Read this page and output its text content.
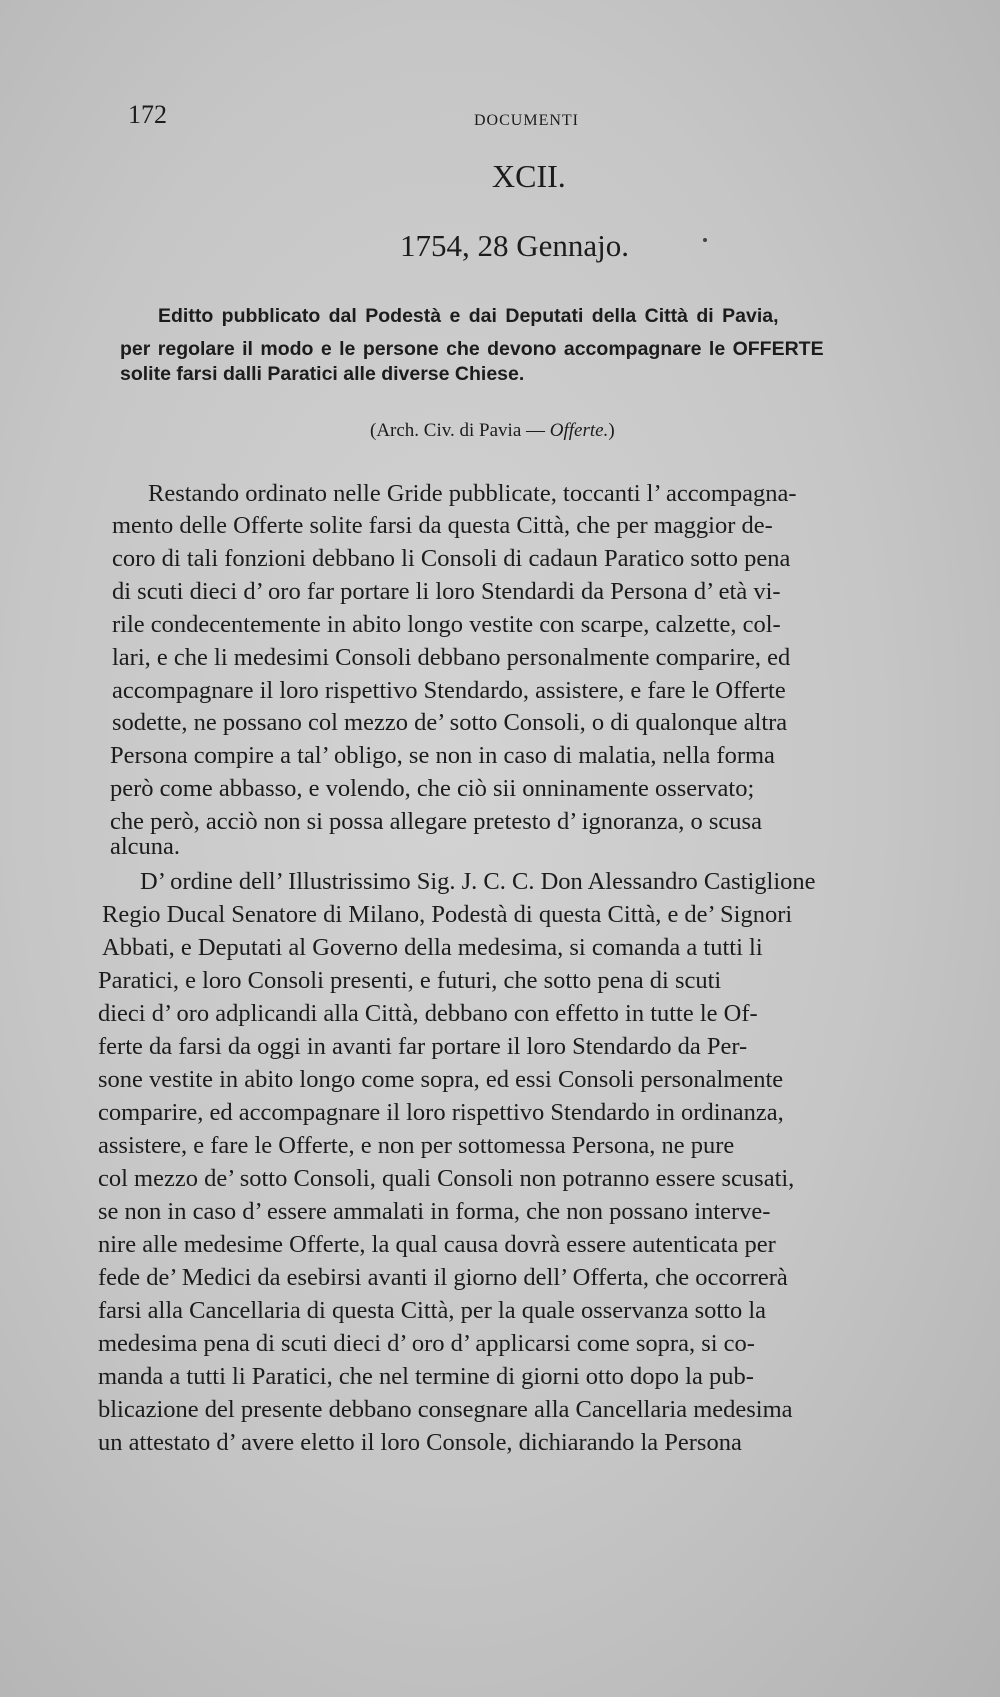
172	DOCUMENTI
XCII.
1754, 28 Gennajo.
Editto pubblicato dal Podestà e dai Deputati della Città di Pavia,
per regolare il modo e le persone che devono accompagnare le OFFERTE
solite farsi dalli Paratici alle diverse Chiese.
(Arch. Civ. di Pavia — Offerte.)
Restando ordinato nelle Gride pubblicate, toccanti l’ accompagna-
mento delle Offerte solite farsi da questa Città, che per maggior de-
coro di tali fonzioni debbano li Consoli di cadaun Paratico sotto pena
di scuti dieci d’ oro far portare li loro Stendardi da Persona d’ età vi-
rile condecentemente in abito longo vestite con scarpe, calzette, col-
lari, e che li medesimi Consoli debbano personalmente comparire, ed
accompagnare il loro rispettivo Stendardo, assistere, e fare le Offerte
sodette, ne possano col mezzo de’ sotto Consoli, o di qualonque altra
Persona compire a tal’ obligo, se non in caso di malatia, nella forma
però come abbasso, e volendo, che ciò sii onninamente osservato;
che però, acciò non si possa allegare pretesto d’ ignoranza, o scusa
alcuna.
D’ ordine dell’ Illustrissimo Sig. J. C. C. Don Alessandro Castiglione
Regio Ducal Senatore di Milano, Podestà di questa Città, e de’ Signori
Abbati, e Deputati al Governo della medesima, si comanda a tutti li
Paratici, e loro Consoli presenti, e futuri, che sotto pena di scuti
dieci d’ oro adplicandi alla Città, debbano con effetto in tutte le Of-
ferte da farsi da oggi in avanti far portare il loro Stendardo da Per-
sone vestite in abito longo come sopra, ed essi Consoli personalmente
comparire, ed accompagnare il loro rispettivo Stendardo in ordinanza,
assistere, e fare le Offerte, e non per sottomessa Persona, ne pure
col mezzo de’ sotto Consoli, quali Consoli non potranno essere scusati,
se non in caso d’ essere ammalati in forma, che non possano interve-
nire alle medesime Offerte, la qual causa dovrà essere autenticata per
fede de’ Medici da esebirsi avanti il giorno dell’ Offerta, che occorrerà
farsi alla Cancellaria di questa Città, per la quale osservanza sotto la
medesima pena di scuti dieci d’ oro d’ applicarsi come sopra, si co-
manda a tutti li Paratici, che nel termine di giorni otto dopo la pub-
blicazione del presente debbano consegnare alla Cancellaria medesima
un attestato d’ avere eletto il loro Console, dichiarando la Persona
